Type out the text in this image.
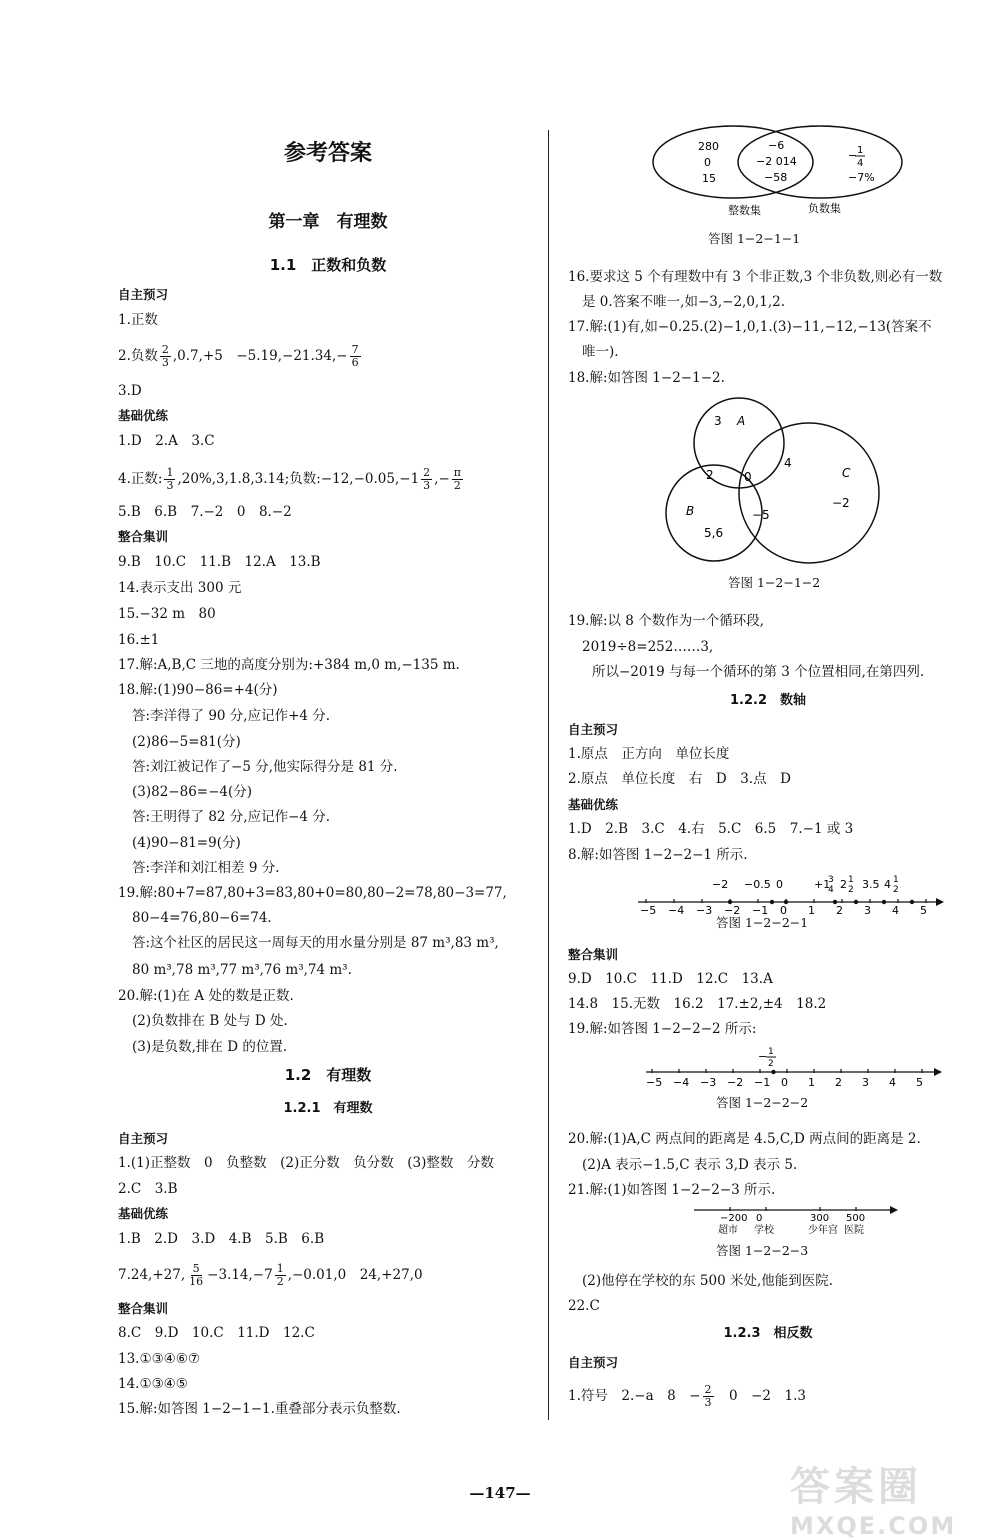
参考答案
第一章　有理数
1.1　正数和负数
自主预习
1.正数
2.负数 $\frac{2}{3} ,0.7,+5$　$-5.19,-21.34,- \frac{7}{6}$
3.D
基础优练
1.D　2.A　3.C
4.正数: $\frac{1}{3} ,20\%,3,1.8,3.14$;负数:−12,−0.05,−1 $\frac{2}{3}$ ,− $\frac{\pi}{2}$
5.B　6.B　7.−2　0　8.−2
整合集训
9.B　10.C　11.B　12.A　13.B
14.表示支出 300 元
15.−32 m　80
16.±1
17.解:A,B,C 三地的高度分别为:+384 m,0 m,−135 m.
18.解:(1)90−86=+4(分)
答:李洋得了 90 分,应记作+4 分.
(2)86−5=81(分)
答:刘江被记作了−5 分,他实际得分是 81 分.
(3)82−86=−4(分)
答:王明得了 82 分,应记作−4 分.
(4)90−81=9(分)
答:李洋和刘江相差 9 分.
19.解:80+7=87,80+3=83,80+0=80,80−2=78,80−3=77,
80−4=76,80−6=74.
答:这个社区的居民这一周每天的用水量分别是 87 m³,83 m³,
80 m³,78 m³,77 m³,76 m³,74 m³.
20.解:(1)在 A 处的数是正数.
(2)负数排在 B 处与 D 处.
(3)是负数,排在 D 的位置.
1.2　有理数
1.2.1　有理数
自主预习
1.(1)正整数　0　负整数　(2)正分数　负分数　(3)整数　分数
2.C　3.B
基础优练
1.B　2.D　3.D　4.B　5.B　6.B
7.24,+27, $\frac{5}{16} -3.14,-7 \frac{1}{2} ,-0.01,0$　24,+27,0
整合集训
8.C　9.D　10.C　11.D　12.C
13.①③④⑥⑦
14.①③④⑤
15.解:如答图 1−2−1−1.重叠部分表示负整数.
280
0
15
−6
−2 014
−58
− 1
4
−7%
整数集	负数集
答图 1−2−1−1
16.要求这 5 个有理数中有 3 个非正数,3 个非负数,则必有一数
是 0.答案不唯一,如−3,−2,0,1,2.
17.解:(1)有,如−0.25.(2)−1,0,1.(3)−11,−12,−13(答案不
唯一).
18.解:如答图 1−2−1−2.
3 A
2	0
4
C
−2
B	−5
5,6
答图 1−2−1−2
19.解:以 8 个数作为一个循环段,
2019÷8=252……3,
所以−2019 与每一个循环的第 3 个位置相同,在第四列.
1.2.2　数轴
自主预习
1.原点　正方向　单位长度
2.原点　单位长度　右　D　3.点　D
基础优练
1.D　2.B　3.C　4.右　5.C　6.5　7.−1 或 3
8.解:如答图 1−2−2−1 所示.
−5 −4 −3 −2 −1 0 1 2 3 4 5
−2 −0.5 0	+1
3
4 2 1
2 3.5 4 1
2
答图 1−2−2−1
整合集训
9.D　10.C　11.D　12.C　13.A
14.8　15.无数　16.2　17.±2,±4　18.2
19.解:如答图 1−2−2−2 所示:
−5 −4 −3 −2 −1 0 1 2 3 4 5
− 1
2
答图 1−2−2−2
20.解:(1)A,C 两点间的距离是 4.5,C,D 两点间的距离是 2.
(2)A 表示−1.5,C 表示 3,D 表示 5.
21.解:(1)如答图 1−2−2−3 所示.
−200
超市
0
学校
300
少年宫
500
医院
答图 1−2−2−3
(2)他停在学校的东 500 米处,他能到医院.
22.C
1.2.3　相反数
自主预习
1.符号　2.−a　8　− $\frac{2}{3}$ 　0　−2　1.3
—147—	答案圈
MXQE.COM
